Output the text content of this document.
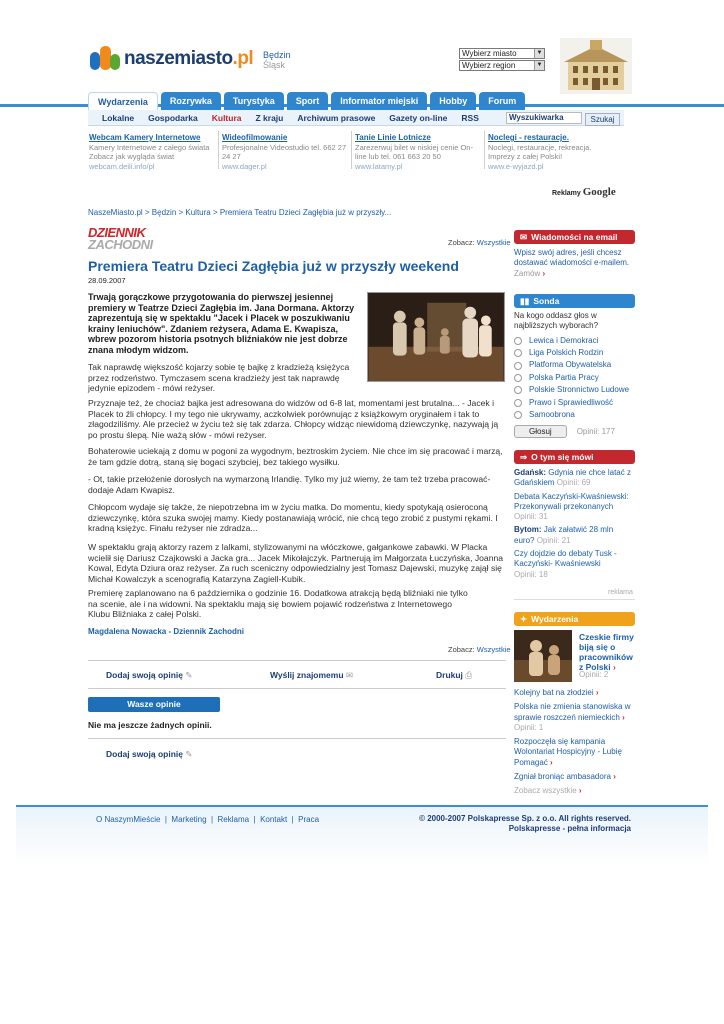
naszemiasto.pl Będzin
Śląsk
Wybierz miasto	▼
Wybierz region	▼
Wydarzenia	Rozrywka	Turystyka	Sport	Informator miejski	Hobby	Forum
Lokalne Gospodarka Kultura Z kraju Archiwum prasowe Gazety on-line RSS	Wyszukiwarka	Szukaj
Webcam Kamery Internetowe
Kamery Internetowe z całego świata Zobacz jak wygląda świat
webcam.deili.info/pl
Wideofilmowanie
Profesjonalne Videostudio tel. 662 27 24 27
www.dager.pl
Tanie Linie Lotnicze
Zarezerwuj bilet w niskiej cenie On-line lub tel. 061 663 20 50
www.latamy.pl
Noclegi - restauracje.
Noclegi, restauracje, rekreacja. Imprezy z całej Polski!
www.e-wyjazd.pl
Reklamy Google
NaszeMiasto.pl > Będzin > Kultura > Premiera Teatru Dzieci Zagłębia już w przyszły...
DZIENNIK
ZACHODNI	Zobacz: Wszystkie
Premiera Teatru Dzieci Zagłębia już w przyszły weekend
28.09.2007
Trwają gorączkowe przygotowania do pierwszej jesiennej premiery w Teatrze Dzieci Zagłębia im. Jana Dormana. Aktorzy zaprezentują się w spektaklu "Jacek i Placek w poszukiwaniu krainy leniuchów". Zdaniem reżysera, Adama E. Kwapisza, wbrew pozorom historia psotnych bliźniaków nie jest dobrze znana młodym widzom.
Tak naprawdę większość kojarzy sobie tę bajkę z kradzieżą księżyca przez rodzeństwo. Tymczasem scena kradzieży jest tak naprawdę jedynie epizodem - mówi reżyser.
Przyznaje też, że chociaż bajka jest adresowana do widzów od 6-8 lat, momentami jest brutalna... - Jacek i Placek to źli chłopcy. I my tego nie ukrywamy, aczkolwiek porównując z książkowym oryginałem i tak to złagodziliśmy. Ale przecież w życiu też się tak zdarza. Chłopcy widząc niewidomą dziewczynkę, nazywają ją po prostu ślepą. Nie ważą słów - mówi reżyser.
Bohaterowie uciekają z domu w pogoni za wygodnym, beztroskim życiem. Nie chce im się pracować i marzą, że tam gdzie dotrą, staną się bogaci szybciej, bez takiego wysiłku.
- Ot, takie przełożenie dorosłych na wymarzoną Irlandię. Tylko my już wiemy, że tam też trzeba pracować- dodaje Adam Kwapisz.
Chłopcom wydaje się także, że niepotrzebna im w życiu matka. Do momentu, kiedy spotykają osieroconą dziewczynkę, która szuka swojej mamy. Kiedy postanawiają wrócić, nie chcą tego zrobić z pustymi rękami. I kradną księżyc. Finału reżyser nie zdradza...
W spektaklu grają aktorzy razem z lalkami, stylizowanymi na włóczkowe, gałgankowe zabawki. W Placka wcielił się Dariusz Czajkowski a Jacka gra... Jacek Mikołajczyk. Partnerują im Małgorzata Łuczyńska, Joanna Kowal, Edyta Dziura oraz reżyser. Za ruch sceniczny odpowiedzialny jest Tomasz Dajewski, muzykę zajął się Michał Kowalczyk a scenografią Katarzyna Zagiell-Kubik.
Premierę zaplanowano na 6 października o godzinie 16. Dodatkowa atrakcją będą bliźniaki nie tylko na scenie, ale i na widowni. Na spektaklu mają się bowiem pojawić rodzeństwa z Internetowego Klubu Bliźniaka z całej Polski.
Magdalena Nowacka - Dziennik Zachodni
Zobacz: Wszystkie
Dodaj swoją opinię ✎	Wyślij znajomemu ✉	Drukuj ⎙
Wasze opinie
Nie ma jeszcze żadnych opinii.
Dodaj swoją opinię ✎
✉ Wiadomości na email
Wpisz swój adres, jeśli chcesz dostawać wiadomości e-mailem.
Zamów ›
▮▮ Sonda
Na kogo oddasz głos w najbliższych wyborach?
Lewica i Demokraci
Liga Polskich Rodzin
Platforma Obywatelska
Polska Partia Pracy
Polskie Stronnictwo Ludowe
Prawo i Sprawiedliwość
Samoobrona
Głosuj	Opinii: 177
⇒ O tym się mówi
Gdańsk: Gdynia nie chce latać z Gdańskiem Opinii: 69
Debata Kaczyński-Kwaśniewski: Przekonywali przekonanych
Opinii: 31
Bytom: Jak załatwić 28 mln euro? Opinii: 21
Czy dojdzie do debaty Tusk - Kaczyński- Kwaśniewski
Opinii: 18
reklama
✦ Wydarzenia
Czeskie firmy biją się o pracowników z Polski ›
Opinii: 2
Kolejny bat na złodziei ›
Polska nie zmienia stanowiska w sprawie roszczeń niemieckich ›
Opinii: 1
Rozpoczęła się kampania Wolontariat Hospicyjny - Lubię Pomagać ›
Zgniał broniąc ambasadora ›
Zobacz wszystkie ›
O NaszymMieście  |  Marketing  |  Reklama  |  Kontakt  |  Praca	© 2000-2007 Polskapresse Sp. z o.o. All rights reserved.
Polskapresse - pełna informacja
